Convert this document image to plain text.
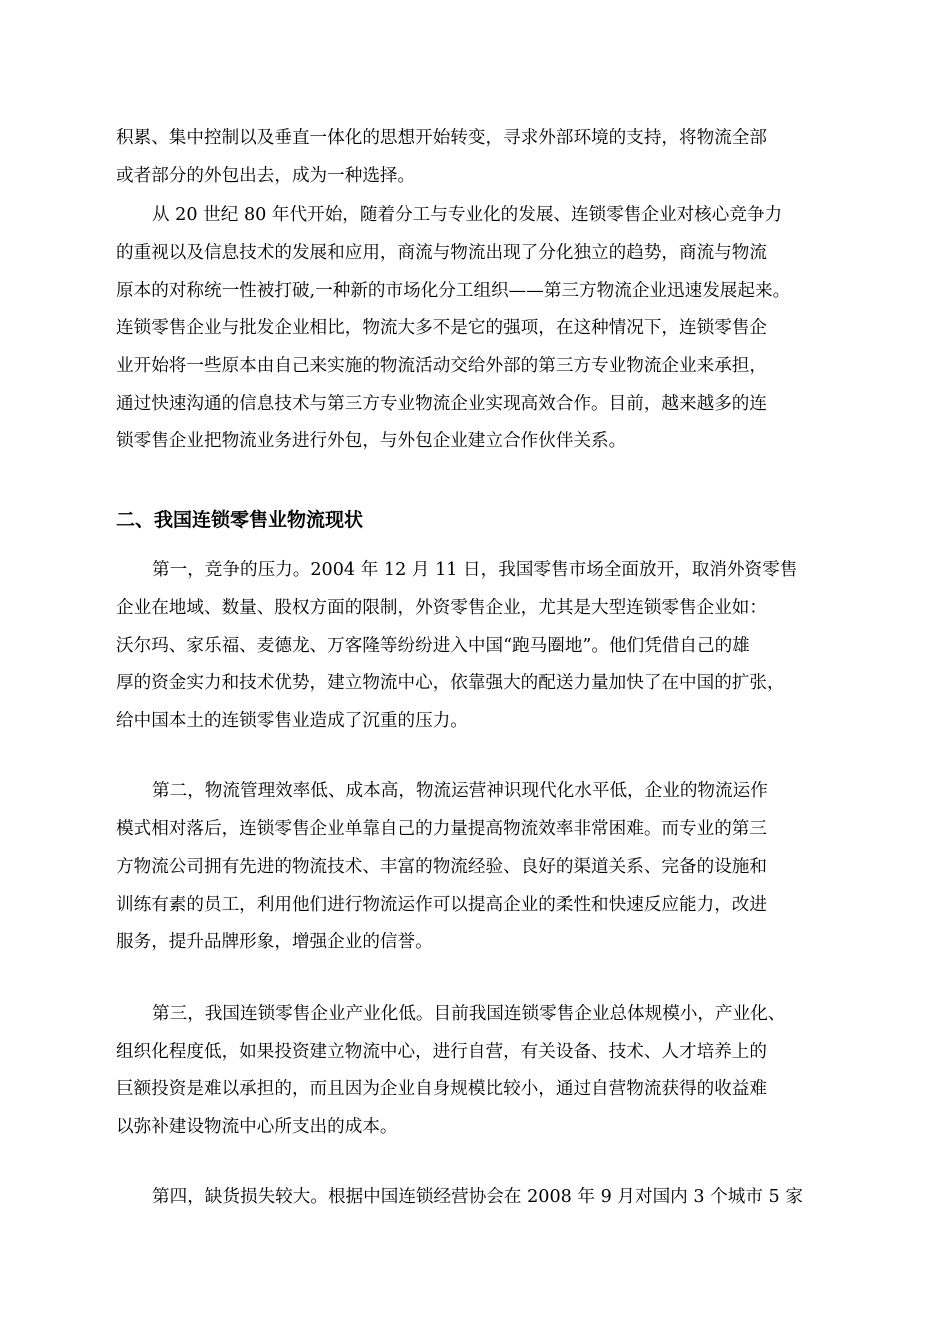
积累、集中控制以及垂直一体化的思想开始转变，寻求外部环境的支持，将物流全部
或者部分的外包出去，成为一种选择。
从 20 世纪 80 年代开始，随着分工与专业化的发展、连锁零售企业对核心竞争力
的重视以及信息技术的发展和应用，商流与物流出现了分化独立的趋势，商流与物流
原本的对称统一性被打破,一种新的市场化分工组织——第三方物流企业迅速发展起来。
连锁零售企业与批发企业相比，物流大多不是它的强项，在这种情况下，连锁零售企
业开始将一些原本由自己来实施的物流活动交给外部的第三方专业物流企业来承担，
通过快速沟通的信息技术与第三方专业物流企业实现高效合作。目前，越来越多的连
锁零售企业把物流业务进行外包，与外包企业建立合作伙伴关系。
二、我国连锁零售业物流现状
第一，竞争的压力。2004 年 12 月 11 日，我国零售市场全面放开，取消外资零售
企业在地域、数量、股权方面的限制，外资零售企业，尤其是大型连锁零售企业如：
沃尔玛、家乐福、麦德龙、万客隆等纷纷进入中国“跑马圈地”。他们凭借自己的雄
厚的资金实力和技术优势，建立物流中心，依靠强大的配送力量加快了在中国的扩张，
给中国本土的连锁零售业造成了沉重的压力。
第二，物流管理效率低、成本高，物流运营神识现代化水平低，企业的物流运作
模式相对落后，连锁零售企业单靠自己的力量提高物流效率非常困难。而专业的第三
方物流公司拥有先进的物流技术、丰富的物流经验、良好的渠道关系、完备的设施和
训练有素的员工，利用他们进行物流运作可以提高企业的柔性和快速反应能力，改进
服务，提升品牌形象，增强企业的信誉。
第三，我国连锁零售企业产业化低。目前我国连锁零售企业总体规模小，产业化、
组织化程度低，如果投资建立物流中心，进行自营，有关设备、技术、人才培养上的
巨额投资是难以承担的，而且因为企业自身规模比较小，通过自营物流获得的收益难
以弥补建设物流中心所支出的成本。
第四，缺货损失较大。根据中国连锁经营协会在 2008 年 9 月对国内 3 个城市 5 家
